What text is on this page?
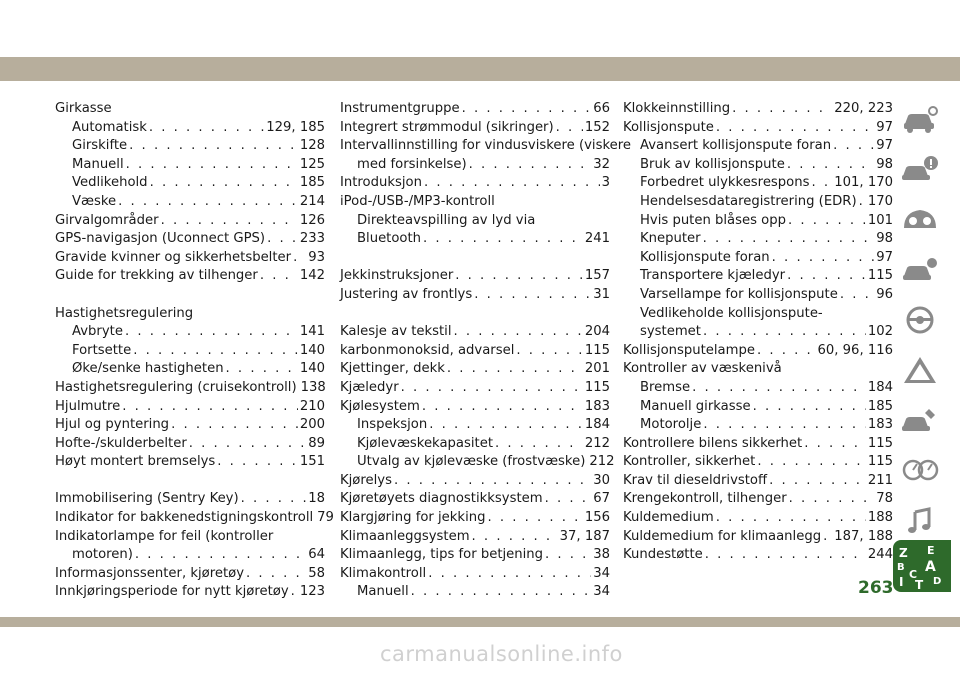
Girkasse
Automatisk . . .	129, 185
Girskifte . . .	128
Manuell . . .	125
Vedlikehold . . .	185
Væske . . .	214
Girvalgområder . . .	126
GPS-navigasjon (Uconnect GPS) . . .	233
Gravide kvinner og sikkerhetsbelter . . . 93
Guide for trekking av tilhenger . . .	142
Hastighetsregulering
Avbryte . . .	141
Fortsette . . .	140
Øke/senke hastigheten . . .	140
Hastighetsregulering (cruisekontroll) 138
Hjulmutre . . .	210
Hjul og pyntering . . .	200
Hofte-/skulderbelter . . .	89
Høyt montert bremselys . . .	151
Immobilisering (Sentry Key) . . .	18
Indikator for bakkenedstigningskontroll 79
Indikatorlampe for feil (kontroller
motoren) . . .	64
Informasjonssenter, kjøretøy . . .	58
Innkjøringsperiode for nytt kjøretøy . . . 123
Instrumentgruppe . . .	66
Integrert strømmodul (sikringer) . . . 152
Intervallinnstilling for vindusviskere (viskere
med forsinkelse) . . .	32
Introduksjon . . .	3
iPod-/USB-/MP3-kontroll
Direkteavspilling av lyd via
Bluetooth . . .	241
Jekkinstruksjoner . . .	157
Justering av frontlys . . .	31
Kalesje av tekstil . . .	204
karbonmonoksid, advarsel . . .	115
Kjettinger, dekk . . .	201
Kjæledyr . . .	115
Kjølesystem . . .	183
Inspeksjon . . .	184
Kjølevæskekapasitet . . .	212
Utvalg av kjølevæske (frostvæske) 212
Kjørelys . . .	30
Kjøretøyets diagnostikksystem . . .	67
Klargjøring for jekking . . .	156
Klimaanleggsystem . . .	37, 187
Klimaanlegg, tips for betjening . . .	38
Klimakontroll . . .	34
Manuell . . .	34
Klokkeinnstilling . . .	220, 223
Kollisjonspute . . .	97
Avansert kollisjonspute foran . . .	97
Bruk av kollisjonspute . . .	98
Forbedret ulykkesrespons . . . 101, 170
Hendelsesdataregistrering (EDR) . . . 170
Hvis puten blåses opp . . .	101
Kneputer . . .	98
Kollisjonspute foran . . .	97
Transportere kjæledyr . . .	115
Varsellampe for kollisjonspute . . .	96
Vedlikeholde kollisjonspute-
systemet . . .	102
Kollisjonsputelampe . . .	60, 96, 116
Kontroller av væskenivå
Bremse . . .	184
Manuell girkasse . . .	185
Motorolje . . .	183
Kontrollere bilens sikkerhet . . .	115
Kontroller, sikkerhet . . .	115
Krav til dieseldrivstoff . . .	211
Krengekontroll, tilhenger . . .	78
Kuldemedium . . .	188
Kuldemedium for klimaanlegg . . . 187, 188
Kundestøtte . . .	244 Z E
B A
C
I T D
263
carmanualsonline.info
